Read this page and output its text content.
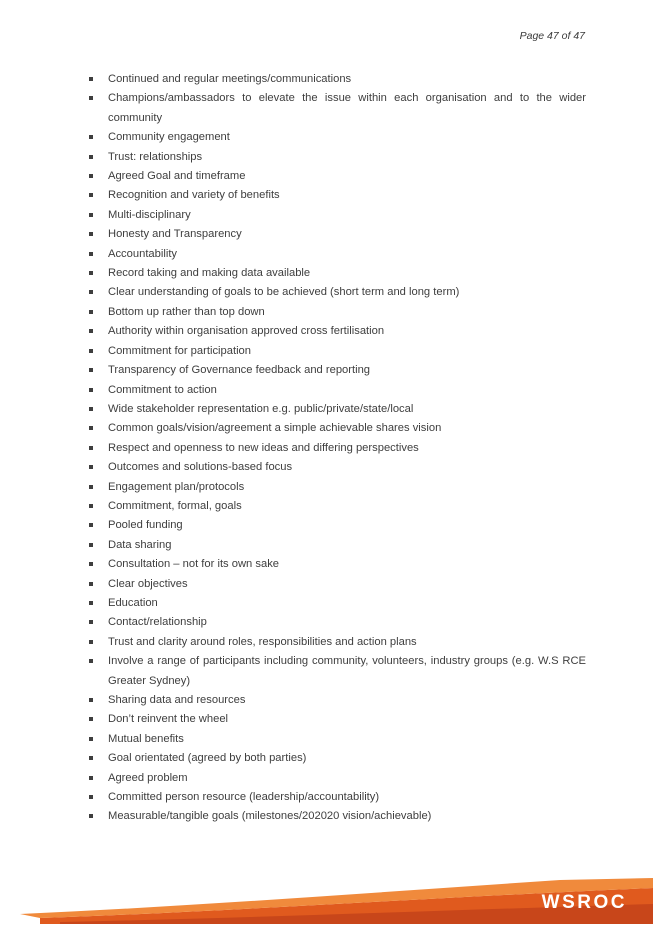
Page 47 of 47
Continued and regular meetings/communications
Champions/ambassadors to elevate the issue within each organisation and to the wider community
Community engagement
Trust: relationships
Agreed Goal and timeframe
Recognition and variety of benefits
Multi-disciplinary
Honesty and Transparency
Accountability
Record taking and making data available
Clear understanding of goals to be achieved (short term and long term)
Bottom up rather than top down
Authority within organisation approved cross fertilisation
Commitment for participation
Transparency of Governance feedback and reporting
Commitment to action
Wide stakeholder representation e.g. public/private/state/local
Common goals/vision/agreement a simple achievable shares vision
Respect and openness to new ideas and differing perspectives
Outcomes and solutions-based focus
Engagement plan/protocols
Commitment, formal, goals
Pooled funding
Data sharing
Consultation – not for its own sake
Clear objectives
Education
Contact/relationship
Trust and clarity around roles, responsibilities and action plans
Involve a range of participants including community, volunteers, industry groups (e.g. W.S RCE Greater Sydney)
Sharing data and resources
Don’t reinvent the wheel
Mutual benefits
Goal orientated (agreed by both parties)
Agreed problem
Committed person resource (leadership/accountability)
Measurable/tangible goals (milestones/202020 vision/achievable)
WSROC
